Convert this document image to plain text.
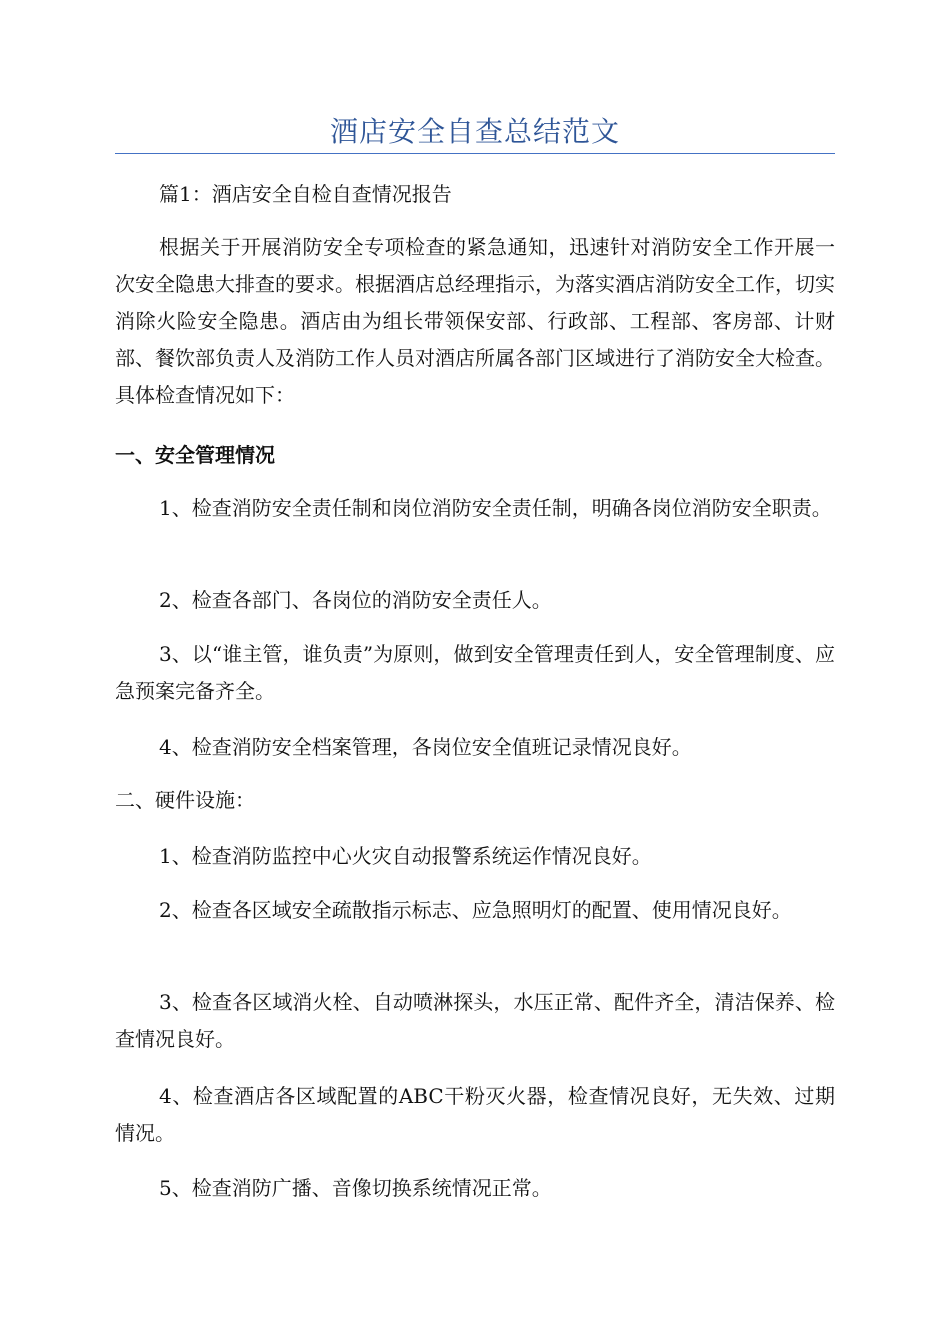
酒店安全自查总结范文

篇1：酒店安全自检自查情况报告

根据关于开展消防安全专项检查的紧急通知，迅速针对消防安全工作开展一次安全隐患大排查的要求。根据酒店总经理指示，为落实酒店消防安全工作，切实消除火险安全隐患。酒店由为组长带领保安部、行政部、工程部、客房部、计财部、餐饮部负责人及消防工作人员对酒店所属各部门区域进行了消防安全大检查。具体检查情况如下：

一、安全管理情况

1、检查消防安全责任制和岗位消防安全责任制，明确各岗位消防安全职责。

2、检查各部门、各岗位的消防安全责任人。

3、以“谁主管，谁负责”为原则，做到安全管理责任到人，安全管理制度、应急预案完备齐全。

4、检查消防安全档案管理，各岗位安全值班记录情况良好。

二、硬件设施：

1、检查消防监控中心火灾自动报警系统运作情况良好。

2、检查各区域安全疏散指示标志、应急照明灯的配置、使用情况良好。

3、检查各区域消火栓、自动喷淋探头，水压正常、配件齐全，清洁保养、检查情况良好。

4、检查酒店各区域配置的ABC干粉灭火器，检查情况良好，无失效、过期情况。

5、检查消防广播、音像切换系统情况正常。
